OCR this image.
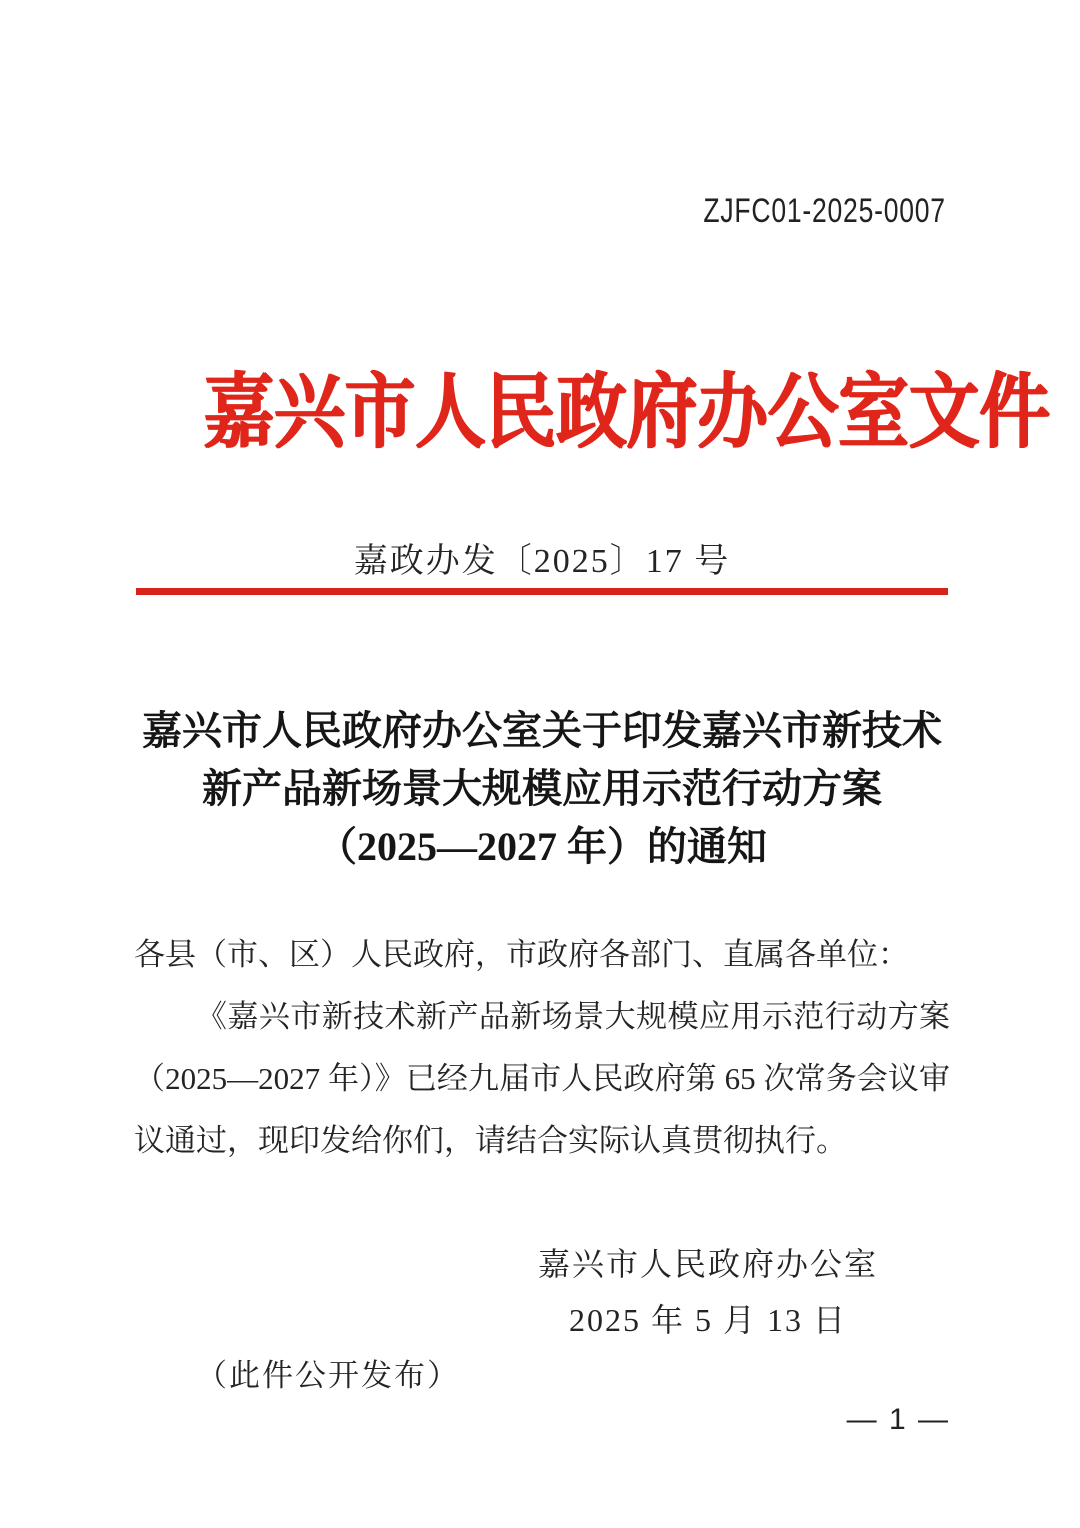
ZJFC01-2025-0007
嘉兴市人民政府办公室文件
嘉政办发〔2025〕17 号
嘉兴市人民政府办公室关于印发嘉兴市新技术
新产品新场景大规模应用示范行动方案
（2025—2027 年）的通知
各县（市、区）人民政府，市政府各部门、直属各单位：
《嘉兴市新技术新产品新场景大规模应用示范行动方案（2025—2027 年）》已经九届市人民政府第 65 次常务会议审议通过，现印发给你们，请结合实际认真贯彻执行。
嘉兴市人民政府办公室
2025 年 5 月 13 日
（此件公开发布）
— 1 —
